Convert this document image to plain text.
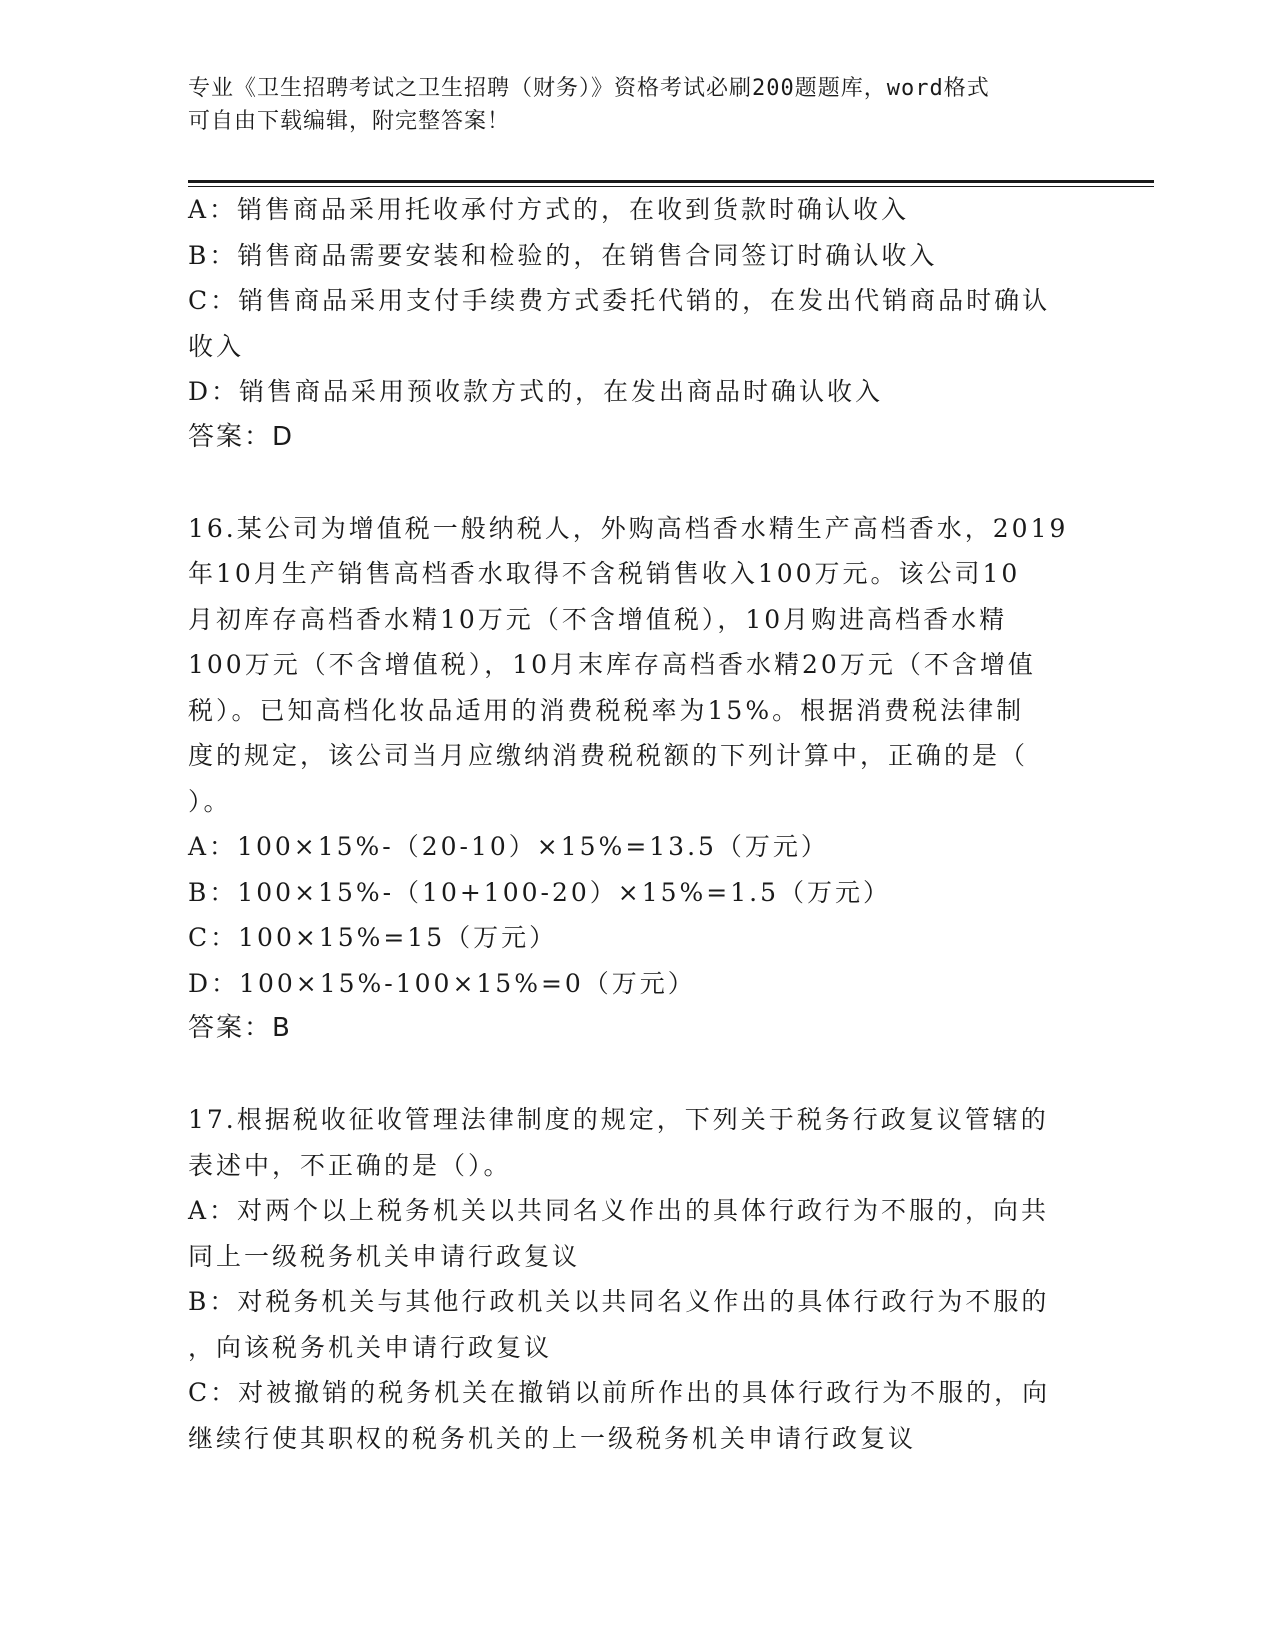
专业《卫生招聘考试之卫生招聘（财务）》资格考试必刷200题题库，word格式
可自由下载编辑，附完整答案！
A：销售商品采用托收承付方式的，在收到货款时确认收入
B：销售商品需要安装和检验的，在销售合同签订时确认收入
C：销售商品采用支付手续费方式委托代销的，在发出代销商品时确认
收入
D：销售商品采用预收款方式的，在发出商品时确认收入
答案：D
16.某公司为增值税一般纳税人，外购高档香水精生产高档香水，2019
年10月生产销售高档香水取得不含税销售收入100万元。该公司10
月初库存高档香水精10万元（不含增值税），10月购进高档香水精
100万元（不含增值税），10月末库存高档香水精20万元（不含增值
税）。已知高档化妆品适用的消费税税率为15%。根据消费税法律制
度的规定，该公司当月应缴纳消费税税额的下列计算中，正确的是（
）。
A：100×15%-（20-10）×15%=13.5（万元）
B：100×15%-（10+100-20）×15%=1.5（万元）
C：100×15%=15（万元）
D：100×15%-100×15%=0（万元）
答案：B
17.根据税收征收管理法律制度的规定，下列关于税务行政复议管辖的
表述中，不正确的是（）。
A：对两个以上税务机关以共同名义作出的具体行政行为不服的，向共
同上一级税务机关申请行政复议
B：对税务机关与其他行政机关以共同名义作出的具体行政行为不服的
，向该税务机关申请行政复议
C：对被撤销的税务机关在撤销以前所作出的具体行政行为不服的，向
继续行使其职权的税务机关的上一级税务机关申请行政复议
